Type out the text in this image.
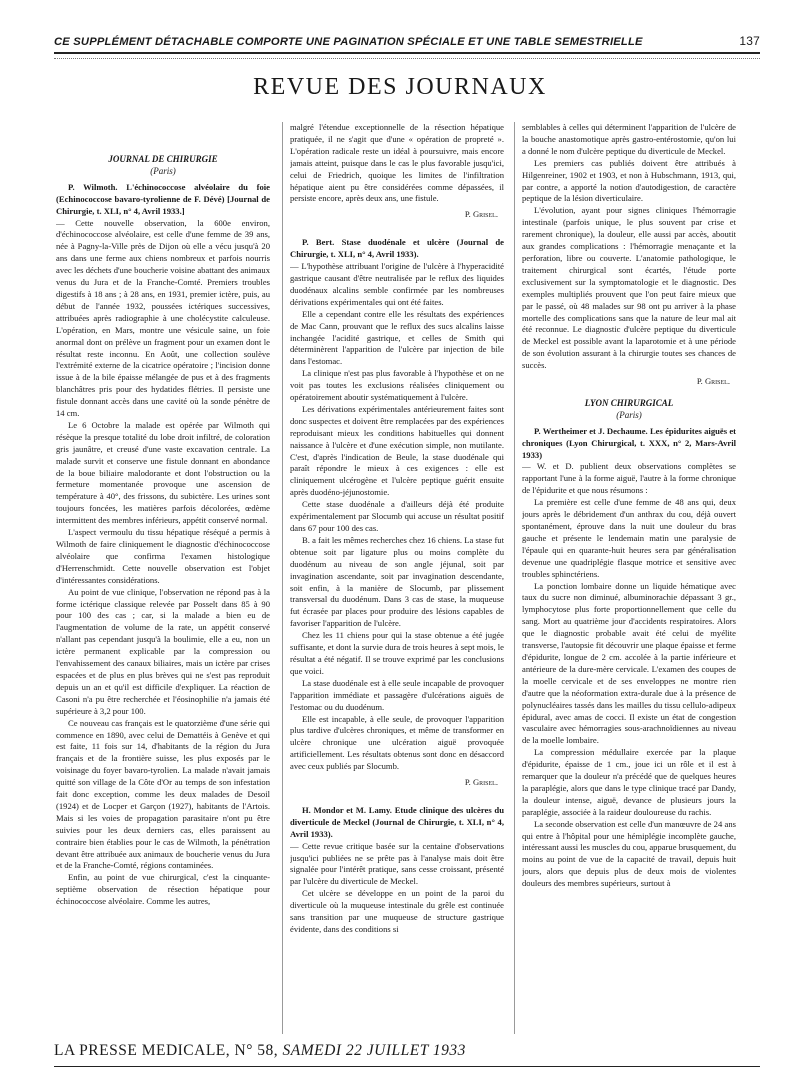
CE SUPPLÉMENT DÉTACHABLE COMPORTE UNE PAGINATION SPÉCIALE ET UNE TABLE SEMESTRIELLE	137
REVUE DES JOURNAUX
JOURNAL DE CHIRURGIE
(Paris)

P. Wilmoth. L'échinococcose alvéolaire du foie (Echinococcose bavaro-tyrolienne de F. Dévé) [Journal de Chirurgie, t. XLI, n° 4, Avril 1933.]

— Cette nouvelle observation, la 600e environ, d'échinococcose alvéolaire, est celle d'une femme de 39 ans, née à Pagny-la-Ville près de Dijon où elle a vécu jusqu'à 20 ans dans une ferme aux chiens nombreux et parfois nourris avec les déchets d'une boucherie voisine abattant des animaux venus du Jura et de la Franche-Comté. Premiers troubles digestifs à 18 ans ; à 28 ans, en 1931, premier ictère, puis, au début de l'année 1932, poussées ictériques successives, attribuées après radiographie à une cholécystite calculeuse. L'opération, en Mars, montre une vésicule saine, un foie anormal dont on prélève un fragment pour un examen dont le résultat reste inconnu. En Août, une collection soulève l'extrémité externe de la cicatrice opératoire ; l'incision donne issue à de la bile épaisse mélangée de pus et à des fragments blanchâtres pris pour des hydatides flétries. Il persiste une fistule donnant accès dans une cavité où la sonde pénètre de 14 cm.

Le 6 Octobre la malade est opérée par Wilmoth qui résèque la presque totalité du lobe droit infiltré, de coloration gris jaunâtre, et creusé d'une vaste excavation centrale. La malade survit et conserve une fistule donnant en abondance de la boue biliaire malodorante et dont l'obstruction ou la fermeture momentanée provoque une ascension de température à 40°, des frissons, du subictère. Les urines sont toujours foncées, les matières parfois décolorées, œdème intermittent des membres inférieurs, appétit conservé normal.

L'aspect vermoulu du tissu hépatique réséqué a permis à Wilmoth de faire cliniquement le diagnostic d'échinococcose alvéolaire que confirma l'examen histologique d'Herrenschmidt. Cette nouvelle observation est l'objet d'intéressantes considérations.

Au point de vue clinique, l'observation ne répond pas à la forme ictérique classique relevée par Posselt dans 85 à 90 pour 100 des cas ; car, si la malade a bien eu de l'augmentation de volume de la rate, un appétit conservé n'allant pas cependant jusqu'à la boulimie, elle a eu, non un ictère permanent explicable par la compression ou l'envahissement des canaux biliaires, mais un ictère par crises espacées et de plus en plus brèves qui ne s'est pas reproduit depuis un an et qu'il est difficile d'expliquer. La réaction de Casoni n'a pu être recherchée et l'éosinophilie n'a jamais été supérieure à 3,2 pour 100.

Ce nouveau cas français est le quatorzième d'une série qui commence en 1890, avec celui de Demattéis à Genève et qui est faite, 11 fois sur 14, d'habitants de la région du Jura français et de la frontière suisse, les plus exposés par le voisinage du foyer bavaro-tyrolien. La malade n'avait jamais quitté son village de la Côte d'Or au temps de son infestation fait donc exception, comme les deux malades de Desoil (1924) et de Locper et Garçon (1927), habitants de l'Artois. Mais si les voies de propagation parasitaire n'ont pu être suivies pour les deux derniers cas, elles paraissent au contraire bien établies pour le cas de Wilmoth, la pénétration devant être attribuée aux animaux de boucherie venus du Jura et de la Franche-Comté, régions contaminées.

Enfin, au point de vue chirurgical, c'est la cinquante-septième observation de résection hépatique pour échinococcose alvéolaire. Comme les autres,

malgré l'étendue exceptionnelle de la résection hépatique pratiquée, il ne s'agit que d'une « opération de propreté ». L'opération radicale reste un idéal à poursuivre, mais encore jamais atteint, puisque dans le cas le plus favorable jusqu'ici, celui de Friedrich, quoique les limites de l'infiltration hépatique aient pu être considérées comme dépassées, il persiste encore, après deux ans, une fistule.

P. Grisel.

P. Bert. Stase duodénale et ulcère (Journal de Chirurgie, t. XLI, n° 4, Avril 1933).

— L'hypothèse attribuant l'origine de l'ulcère à l'hyperacidité gastrique causant d'être neutralisée par le reflux des liquides duodénaux alcalins semble confirmée par les nombreuses dérivations expérimentales qui ont été faites.

Elle a cependant contre elle les résultats des expériences de Mac Cann, prouvant que le reflux des sucs alcalins laisse inchangée l'acidité gastrique, et celles de Smith qui déterminèrent l'apparition de l'ulcère par injection de bile dans l'estomac.

La clinique n'est pas plus favorable à l'hypothèse et on ne voit pas toutes les exclusions réalisées cliniquement ou opératoirement aboutir systématiquement à l'ulcère.

Les dérivations expérimentales antérieurement faites sont donc suspectes et doivent être remplacées par des expériences reproduisant mieux les conditions habituelles qui donnent naissance à l'ulcère et d'une exécution simple, non mutilante. C'est, d'après l'indication de Beule, la stase duodénale qui paraît répondre le mieux à ces exigences : elle est cliniquement ulcérogène et l'ulcère peptique guérit ensuite après duodéno-jéjunostomie.

Cette stase duodénale a d'ailleurs déjà été produite expérimentalement par Slocumb qui accuse un résultat positif dans 67 pour 100 des cas.

B. a fait les mêmes recherches chez 16 chiens. La stase fut obtenue soit par ligature plus ou moins complète du duodénum au niveau de son angle jéjunal, soit par invagination ascendante, soit par invagination descendante, soit enfin, à la manière de Slocumb, par plissement transversal du duodénum. Dans 3 cas de stase, la muqueuse fut écrasée par places pour produire des lésions capables de favoriser l'apparition de l'ulcère.

Chez les 11 chiens pour qui la stase obtenue a été jugée suffisante, et dont la survie dura de trois heures à sept mois, le résultat a été négatif. Il se trouve exprimé par les conclusions que voici.

La stase duodénale est à elle seule incapable de provoquer l'apparition immédiate et passagère d'ulcérations aiguës de l'estomac ou du duodénum.

Elle est incapable, à elle seule, de provoquer l'apparition plus tardive d'ulcères chroniques, et même de transformer en ulcère chronique une ulcération aiguë provoquée artificiellement. Les résultats obtenus sont donc en désaccord avec ceux publiés par Slocumb.

P. Grisel.

H. Mondor et M. Lamy. Etude clinique des ulcères du diverticule de Meckel (Journal de Chirurgie, t. XLI, n° 4, Avril 1933).

— Cette revue critique basée sur la centaine d'observations jusqu'ici publiées ne se prête pas à l'analyse mais doit être signalée pour l'intérêt pratique, sans cesse croissant, présenté par l'ulcère du diverticule de Meckel.

Cet ulcère se développe en un point de la paroi du diverticule où la muqueuse intestinale du grêle est continuée sans transition par une muqueuse de structure gastrique évidente, dans des conditions si

semblables à celles qui déterminent l'apparition de l'ulcère de la bouche anastomotique après gastro-entérostomie, qu'on lui a donné le nom d'ulcère peptique du diverticule de Meckel.

Les premiers cas publiés doivent être attribués à Hilgenreiner, 1902 et 1903, et non à Hubschmann, 1913, qui, par contre, a apporté la notion d'autodigestion, de caractère peptique de la lésion diverticulaire.

L'évolution, ayant pour signes cliniques l'hémorragie intestinale (parfois unique, le plus souvent par crise et rarement chronique), la douleur, elle aussi par accès, aboutit aux grandes complications : l'hémorragie menaçante et la perforation, libre ou couverte. L'anatomie pathologique, le traitement chirurgical sont écartés, l'étude porte exclusivement sur la symptomatologie et le diagnostic. Des exemples multipliés prouvent que l'on peut faire mieux que par le passé, où 48 malades sur 98 ont pu arriver à la phase mortelle des complications sans que la nature de leur mal ait été reconnue. Le diagnostic d'ulcère peptique du diverticule de Meckel est possible avant la laparotomie et à une période de son évolution assurant à la chirurgie toutes ses chances de succès.

P. Grisel.
LYON CHIRURGICAL
(Paris)

P. Wertheimer et J. Dechaume. Les épidurites aiguës et chroniques (Lyon Chirurgical, t. XXX, n° 2, Mars-Avril 1933)

— W. et D. publient deux observations complètes se rapportant l'une à la forme aiguë, l'autre à la forme chronique de l'épidurite et que nous résumons :

La première est celle d'une femme de 48 ans qui, deux jours après le débridement d'un anthrax du cou, déjà ouvert spontanément, éprouve dans la nuit une douleur du bras gauche et présente le lendemain matin une paralysie de l'épaule qui en quarante-huit heures sera par généralisation devenue une quadriplégie flasque motrice et sensitive avec troubles sphinctériens.

La ponction lombaire donne un liquide hématique avec taux du sucre non diminué, albuminorachie dépassant 3 gr., lymphocytose plus forte proportionnellement que celle du sang. Mort au quatrième jour d'accidents respiratoires. Alors que le diagnostic probable avait été celui de myélite transverse, l'autopsie fit découvrir une plaque épaisse et ferme d'épidurite, longue de 2 cm. accolée à la partie inférieure et antérieure de la dure-mère cervicale. L'examen des coupes de la moelle cervicale et de ses enveloppes ne montre rien d'autre que la néoformation extra-durale due à la présence de polynucléaires tassés dans les mailles du tissu cellulo-adipeux épidural, avec amas de cocci. Il existe un état de congestion vasculaire avec hémorragies sous-arachnoïdiennes au niveau de la moelle lombaire.

La compression médullaire exercée par la plaque d'épidurite, épaisse de 1 cm., joue ici un rôle et il est à remarquer que la douleur n'a précédé que de quelques heures la paraplégie, alors que dans le type clinique tracé par Dandy, la douleur intense, aiguë, devance de plusieurs jours la paraplégie, associée à la raideur douloureuse du rachis.

La seconde observation est celle d'un manœuvre de 24 ans qui entre à l'hôpital pour une hémiplégie incomplète gauche, intéressant aussi les muscles du cou, apparue brusquement, du moins au point de vue de la capacité de travail, depuis huit jours, alors que depuis plus de deux mois de violentes douleurs des membres supérieurs, surtout à

LA PRESSE MEDICALE, N° 58, SAMEDI 22 JUILLET 1933
